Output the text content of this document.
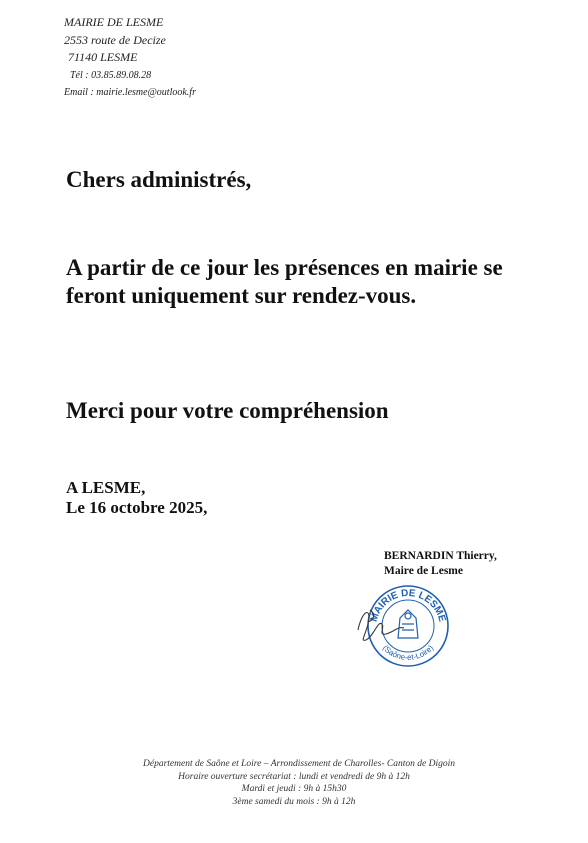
MAIRIE DE LESME
2553 route de Decize
71140 LESME
Tél : 03.85.89.08.28
Email : mairie.lesme@outlook.fr
Chers administrés,
A partir de ce jour les présences en mairie se feront uniquement sur rendez-vous.
Merci pour votre compréhension
A LESME,
Le 16 octobre 2025,
BERNARDIN Thierry,
Maire de Lesme
MAIRIE DE LESME
(Saône-et-Loire)
Département de Saône et Loire – Arrondissement de Charolles- Canton de Digoin
Horaire ouverture secrétariat : lundi et vendredi de 9h à 12h
Mardi et jeudi : 9h à 15h30
3ème samedi du mois : 9h à 12h
